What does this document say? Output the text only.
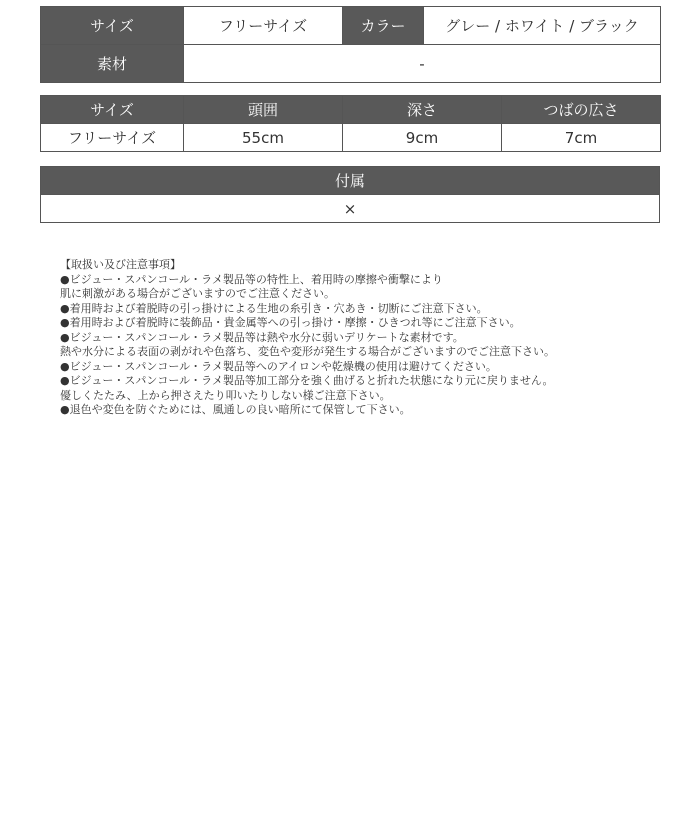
サイズ	フリーサイズ	カラー	グレー / ホワイト / ブラック
素材	-		
サイズ	頭囲	深さ	つばの広さ
フリーサイズ	55cm	9cm	7cm
付属
×
【取扱い及び注意事項】
●ビジュー・スパンコール・ラメ製品等の特性上、着用時の摩擦や衝撃により
肌に刺激がある場合がございますのでご注意ください。
●着用時および着脱時の引っ掛けによる生地の糸引き・穴あき・切断にご注意下さい。
●着用時および着脱時に装飾品・貴金属等への引っ掛け・摩擦・ひきつれ等にご注意下さい。
●ビジュー・スパンコール・ラメ製品等は熱や水分に弱いデリケートな素材です。
熱や水分による表面の剥がれや色落ち、変色や変形が発生する場合がございますのでご注意下さい。
●ビジュー・スパンコール・ラメ製品等へのアイロンや乾燥機の使用は避けてください。
●ビジュー・スパンコール・ラメ製品等加工部分を強く曲げると折れた状態になり元に戻りません。
優しくたたみ、上から押さえたり叩いたりしない様ご注意下さい。
●退色や変色を防ぐためには、風通しの良い暗所にて保管して下さい。
